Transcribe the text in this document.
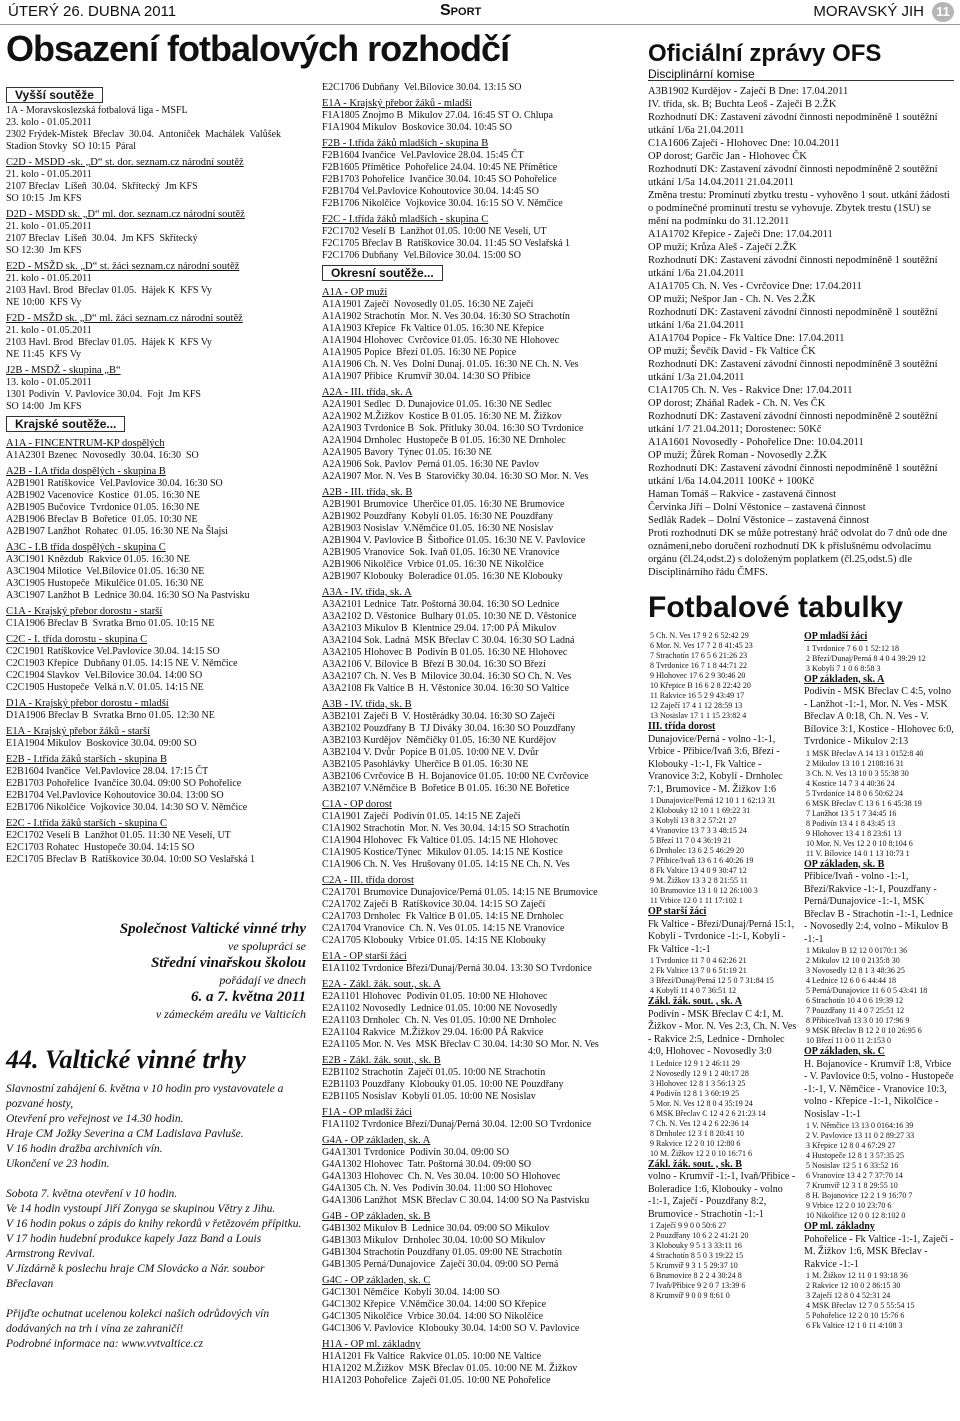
ÚTERÝ 26. DUBNA 2011	Sport	MORAVSKÝ JIH 11
Obsazení fotbalových rozhodčí
Vyšší soutěže
1A - Moravskoslezská fotbalová liga - MSFL
23. kolo - 01.05.2011
2302 Frýdek-Místek  Břeclav  30.04.  Antoníček  Machálek  Valůšek
Stadion Stovky  SO 10:15  Páral
C2D - MSDD -sk. „D“ st. dor. seznam.cz národní soutěž
21. kolo - 01.05.2011
2107 Břeclav  Líšeň  30.04.  Skřítecký  Jm KFS
SO 10:15  Jm KFS
D2D - MSDD sk. „D“ ml. dor. seznam.cz národní soutěž
21. kolo - 01.05.2011
2107 Břeclav  Líšeň  30.04.  Jm KFS  Skřítecký
SO 12:30  Jm KFS
E2D - MSŽD sk. „D“ st. žáci seznam.cz národní soutěž
21. kolo - 01.05.2011
2103 Havl. Brod  Břeclav 01.05.  Hájek K  KFS Vy
NE 10:00  KFS Vy
F2D - MSŽD sk. „D“ ml. žáci seznam.cz národní soutěž
21. kolo - 01.05.2011
2103 Havl. Brod  Břeclav 01.05.  Hájek K  KFS Vy
NE 11:45  KFS Vy
J2B - MSDŽ - skupina „B“
13. kolo - 01.05.2011
1301 Podivín  V. Pavlovice 30.04.  Fojt  Jm KFS
SO 14:00  Jm KFS
Krajské soutěže...
A1A - FINCENTRUM-KP dospělých
A1A2301 Bzenec  Novosedly  30.04. 16:30  SO
A2B - I.A třída dospělých - skupina B
A2B1901 Ratíškovice  Vel.Pavlovice 30.04. 16:30 SO
A2B1902 Vacenovice  Kostice  01.05. 16:30 NE
A2B1905 Bučovice  Tvrdonice 01.05. 16:30 NE
A2B1906 Břeclav B  Bořetice  01.05. 10:30 NE
A2B1907 Lanžhot  Rohatec  01.05. 16:30 NE Na Šlajsi
A3C - I.B třída dospělých - skupina C
A3C1901 Knězdub  Rakvice 01.05. 16:30 NE
A3C1904 Milotice  Vel.Bílovice 01.05. 16:30 NE
A3C1905 Hustopeče  Mikulčice 01.05. 16:30 NE
A3C1907 Lanžhot B  Lednice 30.04. 16:30 SO Na Pastvisku
C1A - Krajský přebor dorostu - starší
C1A1906 Břeclav B  Svratka Brno 01.05. 10:15 NE
C2C - I. třída dorostu - skupina C
C2C1901 Ratíškovice Vel.Pavlovice 30.04. 14:15 SO
C2C1903 Křepice  Dubňany 01.05. 14:15 NE V. Němčice
C2C1904 Slavkov  Vel.Bílovice 30.04. 14:00 SO
C2C1905 Hustopeče  Velká n.V. 01.05. 14:15 NE
D1A - Krajský přebor dorostu - mladší
D1A1906 Břeclav B  Svratka Brno 01.05. 12:30 NE
E1A - Krajský přebor žáků - starší
E1A1904 Mikulov  Boskovice 30.04. 09:00 SO
E2B - I.třída žáků starších - skupina B
E2B1604 Ivančice  Vel.Pavlovice 28.04. 17:15 ČT
E2B1703 Pohořelice  Ivančice 30.04. 09:00 SO Pohořelice
E2B1704 Vel.Pavlovice Kohoutovice 30.04. 13:00 SO
E2B1706 Nikolčice  Vojkovice 30.04. 14:30 SO V. Němčice
E2C - I.třída žáků starších - skupina C
E2C1702 Veselí B  Lanžhot 01.05. 11:30 NE Veselí, UT
E2C1703 Rohatec  Hustopeče 30.04. 14:15 SO
E2C1705 Břeclav B  Ratíškovice 30.04. 10:00 SO Veslařská 1
Společnost Valtické vinné trhy
ve spolupráci se
Střední vinařskou školou
pořádají ve dnech
6. a 7. května 2011
v zámeckém areálu ve Valticích
44. Valtické vinné trhy
Slavnostní zahájení 6. května v 10 hodin pro vystavovatele a pozvané hosty,
Otevření pro veřejnost ve 14.30 hodin.
Hraje CM Jožky Severina a CM Ladislava Pavluše.
V 16 hodin dražba archivních vín.
Ukončení ve 23 hodin.

Sobota 7. května otevření v 10 hodin.
Ve 14 hodin vystoupí Jiří Zonyga se skupinou Větry z Jihu.
V 16 hodin pokus o zápis do knihy rekordů v řetězovém přípitku.
V 17 hodin hudební produkce kapely Jazz Band a Louis Armstrong Revival.
V Jízdárně k poslechu hraje CM Slovácko a Nár. soubor Břeclavan

Přijďte ochutnat ucelenou kolekci našich odrůdových vín dodávaných na trh i vína ze zahraničí!
Podrobné informace na: www.vvtvaltice.cz
E2C1706 Dubňany  Vel.Bílovice 30.04. 13:15 SO
E1A - Krajský přebor žáků - mladší
F1A1805 Znojmo B  Mikulov 27.04. 16:45 ST O. Chlupa
F1A1904 Mikulov  Boskovice 30.04. 10:45 SO
F2B - I.třída žáků mladších - skupina B
F2B1604 Ivančice  Vel.Pavlovice 28.04. 15:45 ČT
F2B1605 Přímětice  Pohořelice 24.04. 10:45 NE Přímětice
F2B1703 Pohořelice  Ivančice 30.04. 10:45 SO Pohořelice
F2B1704 Vel.Pavlovice Kohoutovice 30.04. 14:45 SO
F2B1706 Nikolčice  Vojkovice 30.04. 16:15 SO V. Němčice
F2C - I.třída žáků mladších - skupina C
F2C1702 Veselí B  Lanžhot 01.05. 10:00 NE Veselí, UT
F2C1705 Břeclav B  Ratíškovice 30.04. 11:45 SO Veslařská 1
F2C1706 Dubňany  Vel.Bílovice 30.04. 15:00 SO
Okresní soutěže...
A1A - OP muži
A1A1901 Zaječí  Novosedly 01.05. 16:30 NE Zaječí
A1A1902 Strachotín  Mor. N. Ves 30.04. 16:30 SO Strachotín
A1A1903 Křepice  Fk Valtice 01.05. 16:30 NE Křepice
A1A1904 Hlohovec  Cvrčovice 01.05. 16:30 NE Hlohovec
A1A1905 Popice  Březí 01.05. 16:30 NE Popice
A1A1906 Ch. N. Ves  Dolní Dunaj. 01.05. 16:30 NE Ch. N. Ves
A1A1907 Přibice  Krumvíř 30.04. 14:30 SO Přibice
A2A - III. třída, sk. A
A2A1901 Sedlec  D. Dunajovice 01.05. 16:30 NE Sedlec
A2A1902 M.Žižkov  Kostice B 01.05. 16:30 NE M. Žižkov
A2A1903 Tvrdonice B  Sok. Přítluky 30.04. 16:30 SO Tvrdonice
A2A1904 Drnholec  Hustopeče B 01.05. 16:30 NE Drnholec
A2A1905 Bavory  Týnec 01.05. 16:30 NE
A2A1906 Sok. Pavlov  Perná 01.05. 16:30 NE Pavlov
A2A1907 Mor. N. Ves B  Starovičky 30.04. 16:30 SO Mor. N. Ves
A2B - III. třída, sk. B
A2B1901 Brumovice  Uherčice 01.05. 16:30 NE Brumovice
A2B1902 Pouzdřany  Kobylí 01.05. 16:30 NE Pouzdřany
A2B1903 Nosislav  V.Němčice 01.05. 16:30 NE Nosislav
A2B1904 V. Pavlovice B  Šitbořice 01.05. 16:30 NE V. Pavlovice
A2B1905 Vranovice  Sok. Ivaň 01.05. 16:30 NE Vranovice
A2B1906 Nikolčice  Vrbice 01.05. 16:30 NE Nikolčice
A2B1907 Klobouky  Boleradice 01.05. 16:30 NE Klobouky
A3A - IV. třída, sk. A
A3A2101 Lednice  Tatr. Poštorná 30.04. 16:30 SO Lednice
A3A2102 D. Věstonice  Bulhary 01.05. 10:30 NE D. Věstonice
A3A2103 Mikulov B  Klentnice 29.04. 17:00 PÁ Mikulov
A3A2104 Sok. Ladná  MSK Břeclav C 30.04. 16:30 SO Ladná
A3A2105 Hlohovec B  Podivín B 01.05. 16:30 NE Hlohovec
A3A2106 V. Bílovice B  Březí B 30.04. 16:30 SO Březí
A3A2107 Ch. N. Ves B  Milovice 30.04. 16:30 SO Ch. N. Ves
A3A2108 Fk Valtice B  H. Věstonice 30.04. 16:30 SO Valtice
A3B - IV. třída, sk. B
A3B2101 Zaječí B  V. Hostěrádky 30.04. 16:30 SO Zaječí
A3B2102 Pouzdřany B  TJ Diváky 30.04. 16:30 SO Pouzdřany
A3B2103 Kurdějov  Němčičky 01.05. 16:30 NE Kurdějov
A3B2104 V. Dvůr  Popice B 01.05. 10:00 NE V. Dvůr
A3B2105 Pasohlávky  Uherčice B 01.05. 16:30 NE
A3B2106 Cvrčovice B  H. Bojanovice 01.05. 10:00 NE Cvrčovice
A3B2107 V.Němčice B  Bořetice B 01.05. 16:30 NE Bořetice
C1A - OP dorost
C1A1901 Zaječí  Podivín 01.05. 14:15 NE Zaječí
C1A1902 Strachotín  Mor. N. Ves 30.04. 14:15 SO Strachotín
C1A1904 Hlohovec  Fk Valtice 01.05. 14:15 NE Hlohovec
C1A1905 Kostice/Týnec  Mikulov 01.05. 14:15 NE Kostice
C1A1906 Ch. N. Ves  Hrušovany 01.05. 14:15 NE Ch. N. Ves
C2A - III. třída dorost
C2A1701 Brumovice Dunajovice/Perná 01.05. 14:15 NE Brumovice
C2A1702 Zaječí B  Ratíškovice 30.04. 14:15 SO Zaječí
C2A1703 Drnholec  Fk Valtice B 01.05. 14:15 NE Drnholec
C2A1704 Vranovice  Ch. N. Ves 01.05. 14:15 NE Vranovice
C2A1705 Klobouky  Vrbice 01.05. 14:15 NE Klobouky
E1A - OP starší žáci
E1A1102 Tvrdonice Březí/Dunaj/Perná 30.04. 13:30 SO Tvrdonice
E2A - Zákl. žák. sout., sk. A
E2A1101 Hlohovec  Podivín 01.05. 10:00 NE Hlohovec
E2A1102 Novosedly  Lednice 01.05. 10:00 NE Novosedly
E2A1103 Drnholec  Ch. N. Ves 01.05. 10:00 NE Drnholec
E2A1104 Rakvice  M.Žižkov 29.04. 16:00 PÁ Rakvice
E2A1105 Mor. N. Ves  MSK Břeclav C 30.04. 14:30 SO Mor. N. Ves
E2B - Zákl. žák. sout., sk. B
E2B1102 Strachotín  Zaječí 01.05. 10:00 NE Strachotín
E2B1103 Pouzdřany  Klobouky 01.05. 10:00 NE Pouzdřany
E2B1105 Nosislav  Kobylí 01.05. 10:00 NE Nosislav
F1A - OP mladší žáci
F1A1102 Tvrdonice Březí/Dunaj/Perná 30.04. 12:00 SO Tvrdonice
G4A - OP základen, sk. A
G4A1301 Tvrdonice  Podivín 30.04. 09:00 SO
G4A1302 Hlohovec  Tatr. Poštorná 30.04. 09:00 SO
G4A1303 Hlohovec  Ch. N. Ves 30.04. 10:00 SO Hlohovec
G4A1305 Ch. N. Ves  Podivín 30.04. 11:00 SO Hlohovec
G4A1306 Lanžhot  MSK Břeclav C 30.04. 14:00 SO Na Pastvisku
G4B - OP základen, sk. B
G4B1302 Mikulov B  Lednice 30.04. 09:00 SO Mikulov
G4B1303 Mikulov  Drnholec 30.04. 10:00 SO Mikulov
G4B1304 Strachotín Pouzdřany 01.05. 09:00 NE Strachotín
G4B1305 Perná/Dunajovice  Zaječí 30.04. 09:00 SO Perná
G4C - OP základen, sk. C
G4C1301 Němčice  Kobylí 30.04. 14:00 SO
G4C1302 Křepice  V.Němčice 30.04. 14:00 SO Křepice
G4C1305 Nikolčice  Vrbice 30.04. 14:00 SO Nikolčice
G4C1306 V. Pavlovice  Klobouky 30.04. 14:00 SO V. Pavlovice
H1A - OP ml. základny
H1A1201 Fk Valtice  Rakvice 01.05. 10:00 NE Valtice
H1A1202 M.Žižkov  MSK Břeclav 01.05. 10:00 NE M. Žižkov
H1A1203 Pohořelice  Zaječí 01.05. 10:00 NE Pohořelice
Oficiální zprávy OFS
Disciplinární komise

A3B1902 Kurdějov - Zaječí B Dne: 17.04.2011

IV. třída, sk. B; Buchta Leoš - Zaječí B 2.ŽK

Rozhodnutí DK: Zastavení závodní činnosti nepodmíněně 1 soutěžní utkání 1/6a 21.04.2011

C1A1606 Zaječí - Hlohovec Dne: 10.04.2011

OP dorost; Garčic Jan - Hlohovec ČK

Rozhodnutí DK: Zastavení závodní činnosti nepodmíněně 2 soutěžní utkání 1/5a 14.04.2011 21.04.2011

Změna trestu: Prominutí zbytku trestu - vyhověno 1 sout. utkání žádosti o podmínečné prominutí trestu se vyhovuje. Zbytek trestu (1SU) se mění na podmínku do 31.12.2011

A1A1702 Křepice - Zaječí Dne: 17.04.2011

OP muži; Krůza Aleš - Zaječí 2.ŽK

Rozhodnutí DK: Zastavení závodní činnosti nepodmíněně 1 soutěžní utkání 1/6a 21.04.2011

A1A1705 Ch. N. Ves - Cvrčovice Dne: 17.04.2011

OP muži; Nešpor Jan - Ch. N. Ves 2.ŽK

Rozhodnutí DK: Zastavení závodní činnosti nepodmíněně 1 soutěžní utkání 1/6a 21.04.2011

A1A1704 Popice - Fk Valtice Dne: 17.04.2011

OP muži; Ševčík David - Fk Valtice ČK

Rozhodnutí DK: Zastavení závodní činnosti nepodmíněně 3 soutěžní utkání 1/3a 21.04.2011

C1A1705 Ch. N. Ves - Rakvice Dne: 17.04.2011

OP dorost; Zháňal Radek - Ch. N. Ves ČK

Rozhodnutí DK: Zastavení závodní činnosti nepodmíněně 2 soutěžní utkání 1/7 21.04.2011; Dorostenec: 50Kč

A1A1601 Novosedly - Pohořelice Dne: 10.04.2011

OP muži; Žůrek Roman - Novosedly 2.ŽK

Rozhodnutí DK: Zastavení závodní činnosti nepodmíněně 1 soutěžní utkání 1/6a 14.04.2011 100Kč + 100Kč

Haman Tomáš – Rakvice - zastavená činnost

Červinka Jiří – Dolní Věstonice – zastavená činnost

Sedlák Radek – Dolní Věstonice – zastavená činnost

Proti rozhodnutí DK se může potrestaný hráč odvolat do 7 dnů ode dne oznámení,nebo doručení rozhodnutí DK k příslušnému odvolacímu orgánu (čl.24,odst.2) s doloženým poplatkem (čl.25,odst.5) dle Disciplinárního řádu ČMFS.

Fotbalové tabulky
5 Ch. N. Ves 17 9 2 6 52:42 29
6 Mor. N. Ves 17 7 2 8 41:45 23
7 Strachotín 17 6 5 6 21:26 23
8 Tvrdonice 16 7 1 8 44:71 22
9 Hlohovec 17 6 2 9 30:46 20
10 Křepice B 16 6 2 8 22:42 20
11 Rakvice 16 5 2 9 43:49 17
12 Zaječí 17 4 1 12 28:59 13
13 Nosislav 17 1 1 15 23:82 4
III. třída dorost
Dunajovice/Perná - volno -1:-1, Vrbice - Přibice/Ivaň 3:6, Březí - Klobouky -1:-1, Fk Valtice - Vranovice 3:2, Kobylí - Drnholec 7:1, Brumovice - M. Žižkov 1:6
1 Dunajovice/Perná 12 10 1 1 62:13 31
2 Klobouky 12 10 1 1 69:22 31
3 Kobylí 13 8 3 2 57:21 27
4 Vranovice 13 7 3 3 48:15 24
5 Březí 11 7 0 4 36:19 21
6 Drnholec 13 6 2 5 46:29 20
7 Přibice/Ivaň 13 6 1 6 40:26 19
8 Fk Valtice 13 4 0 9 30:47 12
9 M. Žižkov 13 3 2 8 21:55 11
10 Brumovice 13 1 0 12 26:100 3
11 Vrbice 12 0 1 11 17:102 1
OP starší žáci
Fk Valtice - Březí/Dunaj/Perná 15:1, Kobylí - Tvrdonice -1:-1, Kobylí - Fk Valtice -1:-1
1 Tvrdonice 11 7 0 4 62:26 21
2 Fk Valtice 13 7 0 6 51:19 21
3 Březí/Dunaj/Perná 12 5 0 7 31:84 15
4 Kobylí 11 4 0 7 36:51 12
Zákl. žák. sout. , sk. A
Podivín - MSK Břeclav C 4:1, M. Žižkov - Mor. N. Ves 2:3, Ch. N. Ves - Rakvice 2:5, Lednice - Drnholec 4:0, Hlohovec - Novosedly 3:0
1 Lednice 12 9 1 2 46:11 29
2 Novosedly 12 9 1 2 40:17 28
3 Hlohovec 12 8 1 3 56:13 25
4 Podivín 12 8 1 3 60:19 25
5 Mor. N. Ves 12 8 0 4 35:19 24
6 MSK Břeclav C 12 4 2 6 21:23 14
7 Ch. N. Ves 12 4 2 6 22:36 14
8 Drnholec 12 3 1 8 20:41 10
9 Rakvice 12 2 0 10 12:80 6
10 M. Žižkov 12 2 0 10 16:71 6
Zákl. žák. sout. , sk. B
volno - Krumvíř -1:-1, Ivaň/Přibice - Boleradice 1:6, Klobouky - volno -1:-1, Zaječí - Pouzdřany 8:2, Brumovice - Strachotín -1:-1
1 Zaječí 9 9 0 0 50:6 27
2 Pouzdřany 10 6 2 2 41:21 20
3 Klobouky 9 5 1 3 33:11 16
4 Strachotín 8 5 0 3 19:22 15
5 Krumvíř 9 3 1 5 29:37 10
6 Brumovice 8 2 2 4 30:24 8
7 Ivaň/Přibice 9 2 0 7 13:39 6
8 Krumvíř 9 0 0 9 8:61 0
OP mladší žáci
1 Tvrdonice 7 6 0 1 52:12 18
2 Březí/Dunaj/Perná 8 4 0 4 39:29 12
3 Kobylí 7 1 0 6 8:58 3
OP základen, sk. A
Podivín - MSK Břeclav C 4:5, volno - Lanžhot -1:-1, Mor. N. Ves - MSK Břeclav A 0:18, Ch. N. Ves - V. Bílovice 3:1, Kostice - Hlohovec 6:0, Tvrdonice - Mikulov 2:13
1 MSK Břeclav A 14 13 1 0152:8 40
2 Mikulov 13 10 1 2108:16 31
3 Ch. N. Ves 13 10 0 3 55:38 30
4 Kostice 14 7 3 4 40:36 24
5 Tvrdonice 14 8 0 6 50:62 24
6 MSK Břeclav C 13 6 1 6 45:38 19
7 Lanžhot 13 5 1 7 34:45 16
8 Podivín 13 4 1 8 43:45 13
9 Hlohovec 13 4 1 8 23:61 13
10 Mor. N. Ves 12 2 0 10 8:104 6
11 V. Bílovice 14 0 1 13 10:73 1
OP základen, sk. B
Přibice/Ivaň - volno -1:-1, Březí/Rakvice -1:-1, Pouzdřany - Perná/Dunajovice -1:-1, MSK Břeclav B - Strachotín -1:-1, Lednice - Novosedly 2:4, volno - Mikulov B -1:-1
1 Mikulov B 12 12 0 0170:1 36
2 Mikulov 12 10 0 2135:8 30
3 Novosedly 12 8 1 3 48:36 25
4 Lednice 12 6 0 6 44:44 18
5 Perná/Dunajovice 11 6 0 5 43:41 18
6 Strachotín 10 4 0 6 19:39 12
7 Pouzdřany 11 4 0 7 25:51 12
8 Přibice/Ivaň 13 3 0 10 17:96 9
9 MSK Břeclav B 12 2 0 10 26:95 6
10 Březí 11 0 0 11 2:153 0
OP základen, sk. C
H. Bojanovice - Krumvíř 1:8, Vrbice - V. Pavlovice 0:5, volno - Hustopeče -1:-1, V. Němčice - Vranovice 10:3, volno - Křepice -1:-1, Nikolčice - Nosislav -1:-1
1 V. Němčice 13 13 0 0164:16 39
2 V. Pavlovice 13 11 0 2 89:27 33
3 Křepice 12 8 0 4 67:29 27
4 Hustopeče 12 8 1 3 57:35 25
5 Nosislav 12 5 1 6 33:52 16
6 Vranovice 13 4 2 7 37:70 14
7 Krumvíř 12 3 1 8 29:55 10
8 H. Bojanovice 12 2 1 9 16:70 7
9 Vrbice 12 2 0 10 23:70 6
10 Nikolčice 12 0 0 12 8:102 0
OP ml. základny
Pohořelice - Fk Valtice -1:-1, Zaječí - M. Žižkov 1:6, MSK Břeclav - Rakvice -1:-1
1 M. Žižkov 12 11 0 1 93:18 36
2 Rakvice 12 10 0 2 86:15 30
3 Zaječí 12 8 0 4 52:31 24
4 MSK Břeclav 12 7 0 5 55:54 15
5 Pohořelice 12 2 0 10 15:76 6
6 Fk Valtice 12 1 0 11 4:108 3
